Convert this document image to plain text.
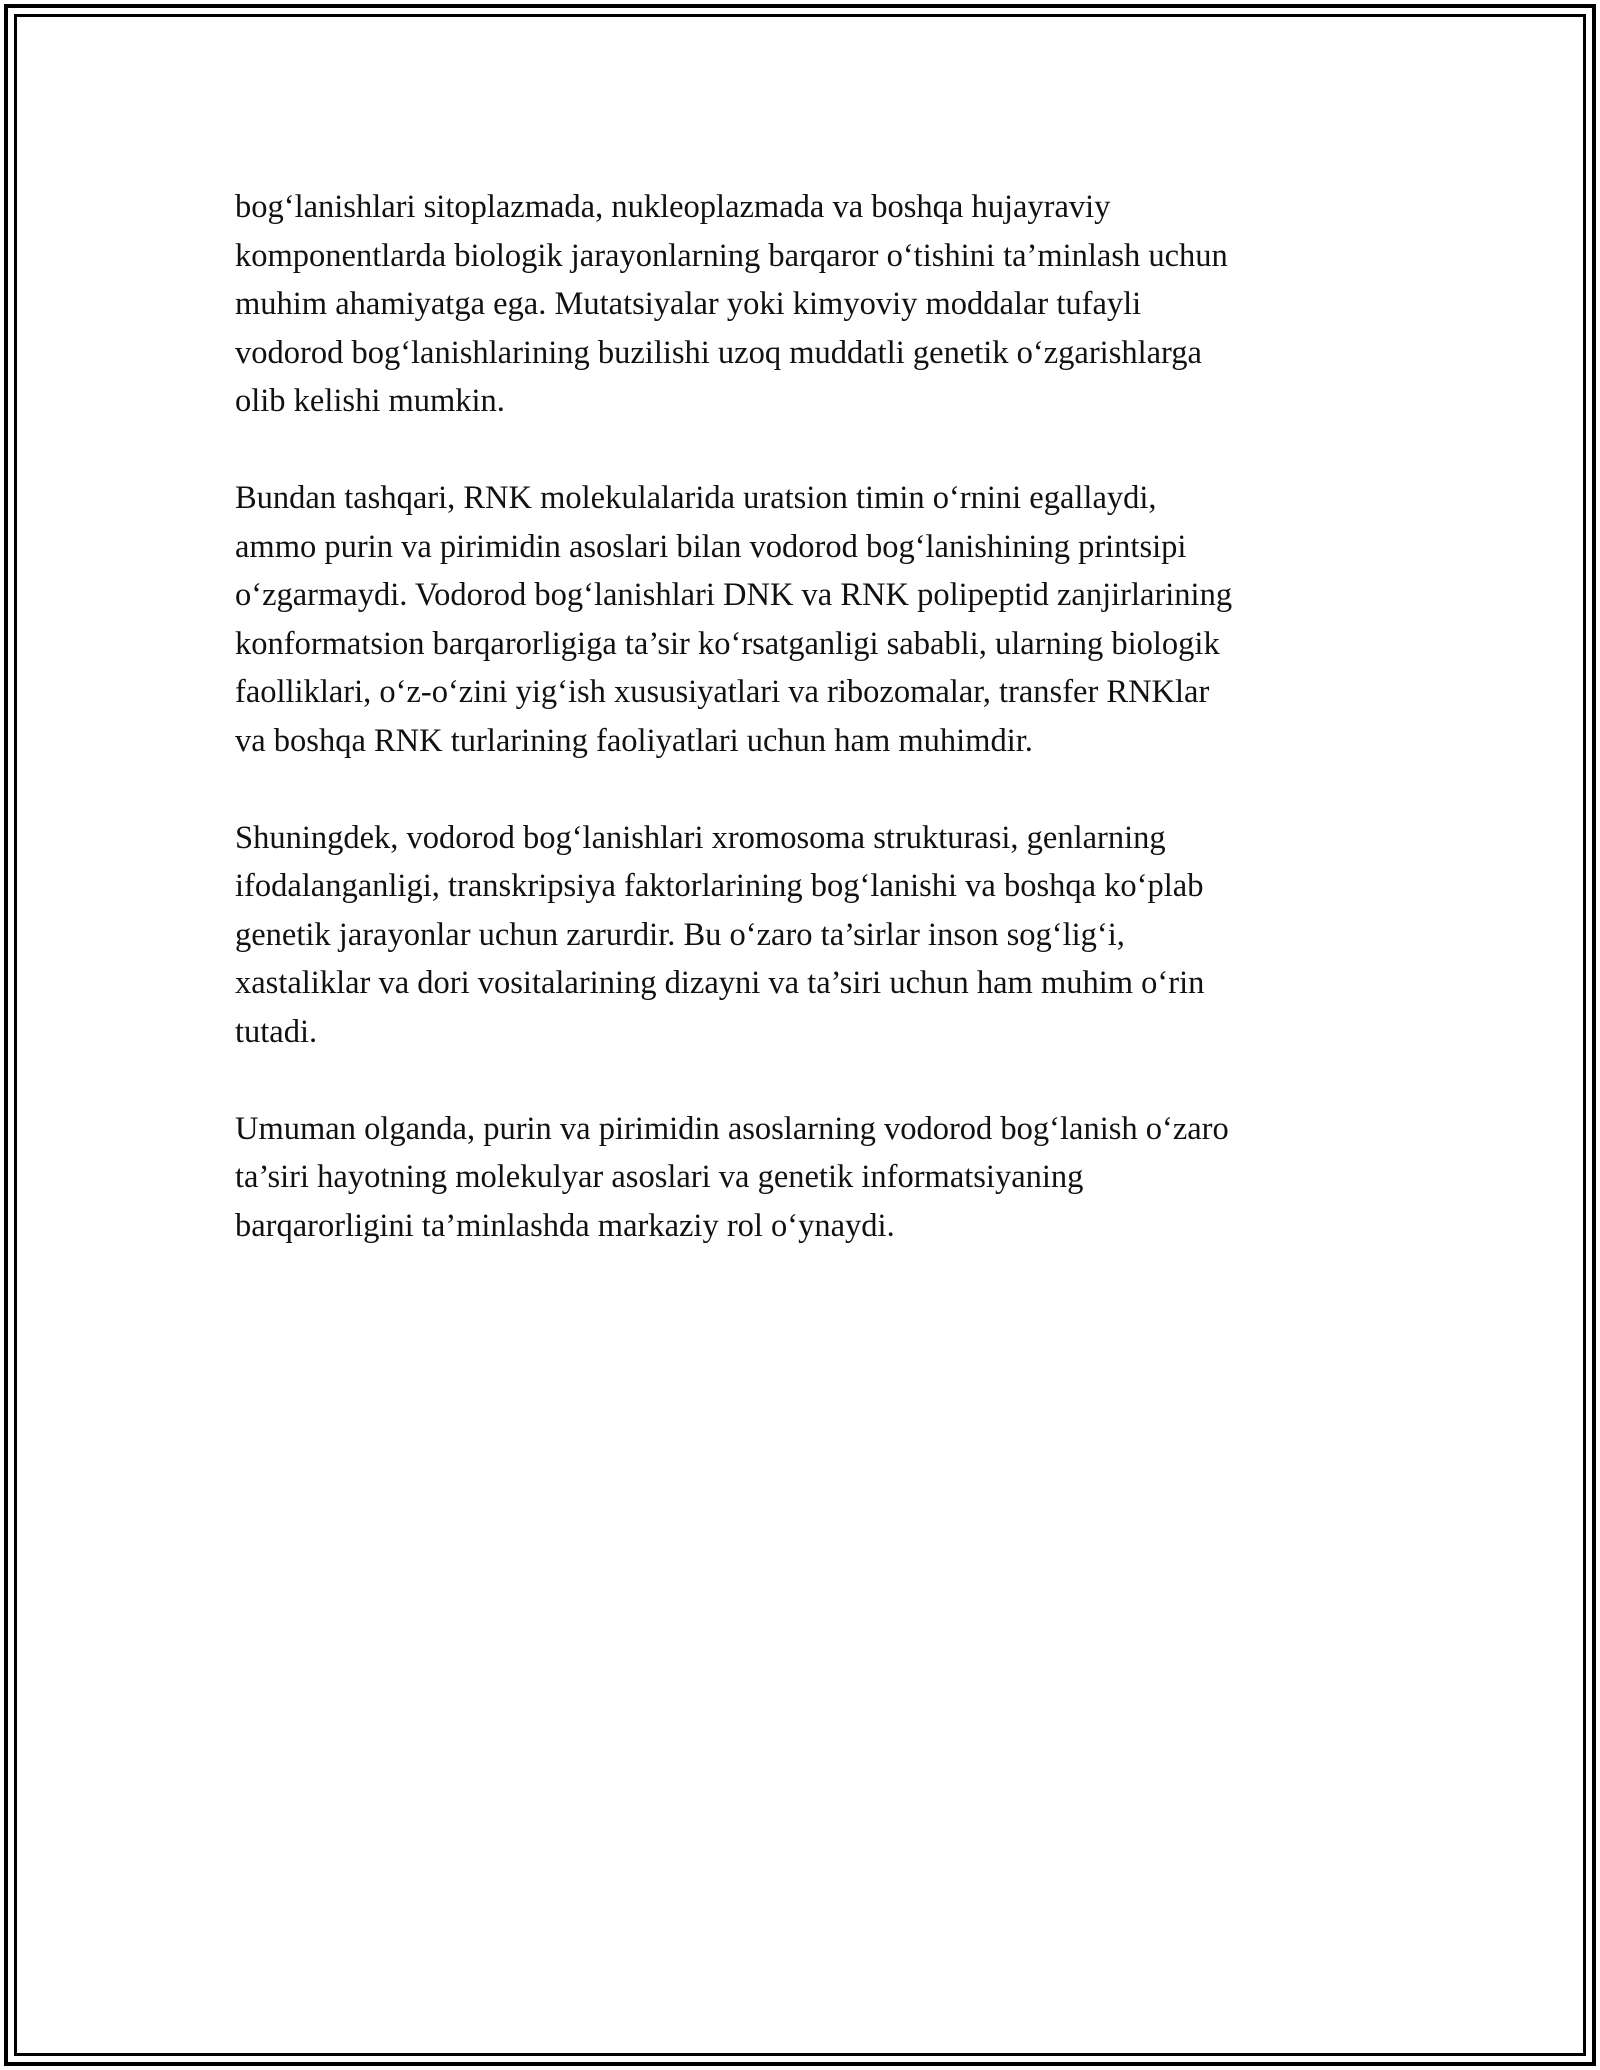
bog‘lanishlari sitoplazmada, nukleoplazmada va boshqa hujayraviy
komponentlarda biologik jarayonlarning barqaror o‘tishini ta’minlash uchun
muhim ahamiyatga ega. Mutatsiyalar yoki kimyoviy moddalar tufayli
vodorod bog‘lanishlarining buzilishi uzoq muddatli genetik o‘zgarishlarga
olib kelishi mumkin.

Bundan tashqari, RNK molekulalarida uratsion timin o‘rnini egallaydi,
ammo purin va pirimidin asoslari bilan vodorod bog‘lanishining printsipi
o‘zgarmaydi. Vodorod bog‘lanishlari DNK va RNK polipeptid zanjirlarining
konformatsion barqarorligiga ta’sir ko‘rsatganligi sababli, ularning biologik
faolliklari, o‘z-o‘zini yig‘ish xususiyatlari va ribozomalar, transfer RNKlar
va boshqa RNK turlarining faoliyatlari uchun ham muhimdir.

Shuningdek, vodorod bog‘lanishlari xromosoma strukturasi, genlarning
ifodalanganligi, transkripsiya faktorlarining bog‘lanishi va boshqa ko‘plab
genetik jarayonlar uchun zarurdir. Bu o‘zaro ta’sirlar inson sog‘lig‘i,
xastaliklar va dori vositalarining dizayni va ta’siri uchun ham muhim o‘rin
tutadi.

Umuman olganda, purin va pirimidin asoslarning vodorod bog‘lanish o‘zaro
ta’siri hayotning molekulyar asoslari va genetik informatsiyaning
barqarorligini ta’minlashda markaziy rol o‘ynaydi.
